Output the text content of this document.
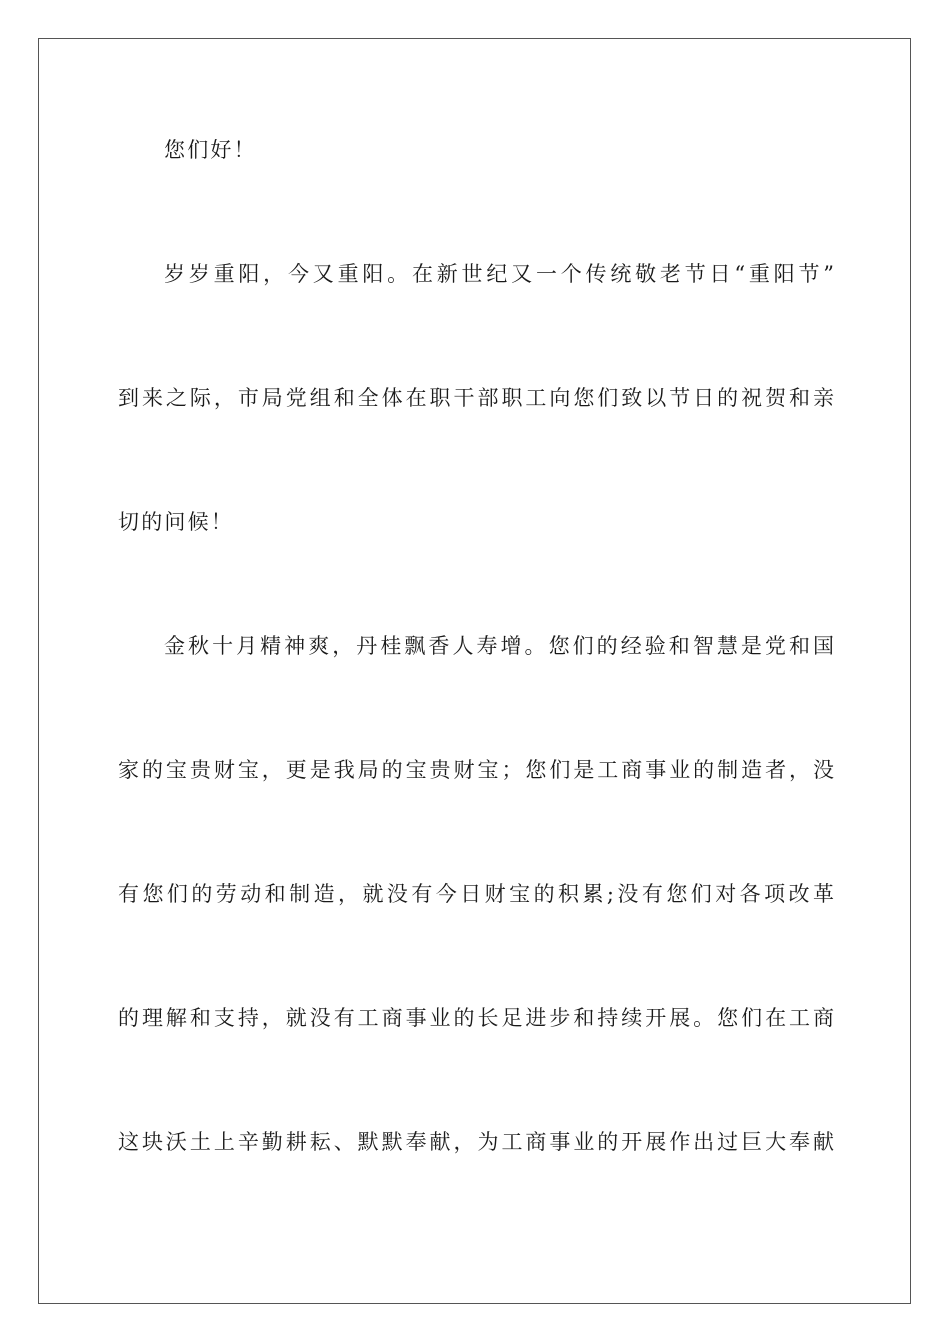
您们好！
岁岁重阳，今又重阳。在新世纪又一个传统敬老节日“重阳节”
到来之际，市局党组和全体在职干部职工向您们致以节日的祝贺和亲
切的问候！
金秋十月精神爽，丹桂飘香人寿增。您们的经验和智慧是党和国
家的宝贵财宝，更是我局的宝贵财宝；您们是工商事业的制造者，没
有您们的劳动和制造，就没有今日财宝的积累;没有您们对各项改革
的理解和支持，就没有工商事业的长足进步和持续开展。您们在工商
这块沃土上辛勤耕耘、默默奉献，为工商事业的开展作出过巨大奉献
